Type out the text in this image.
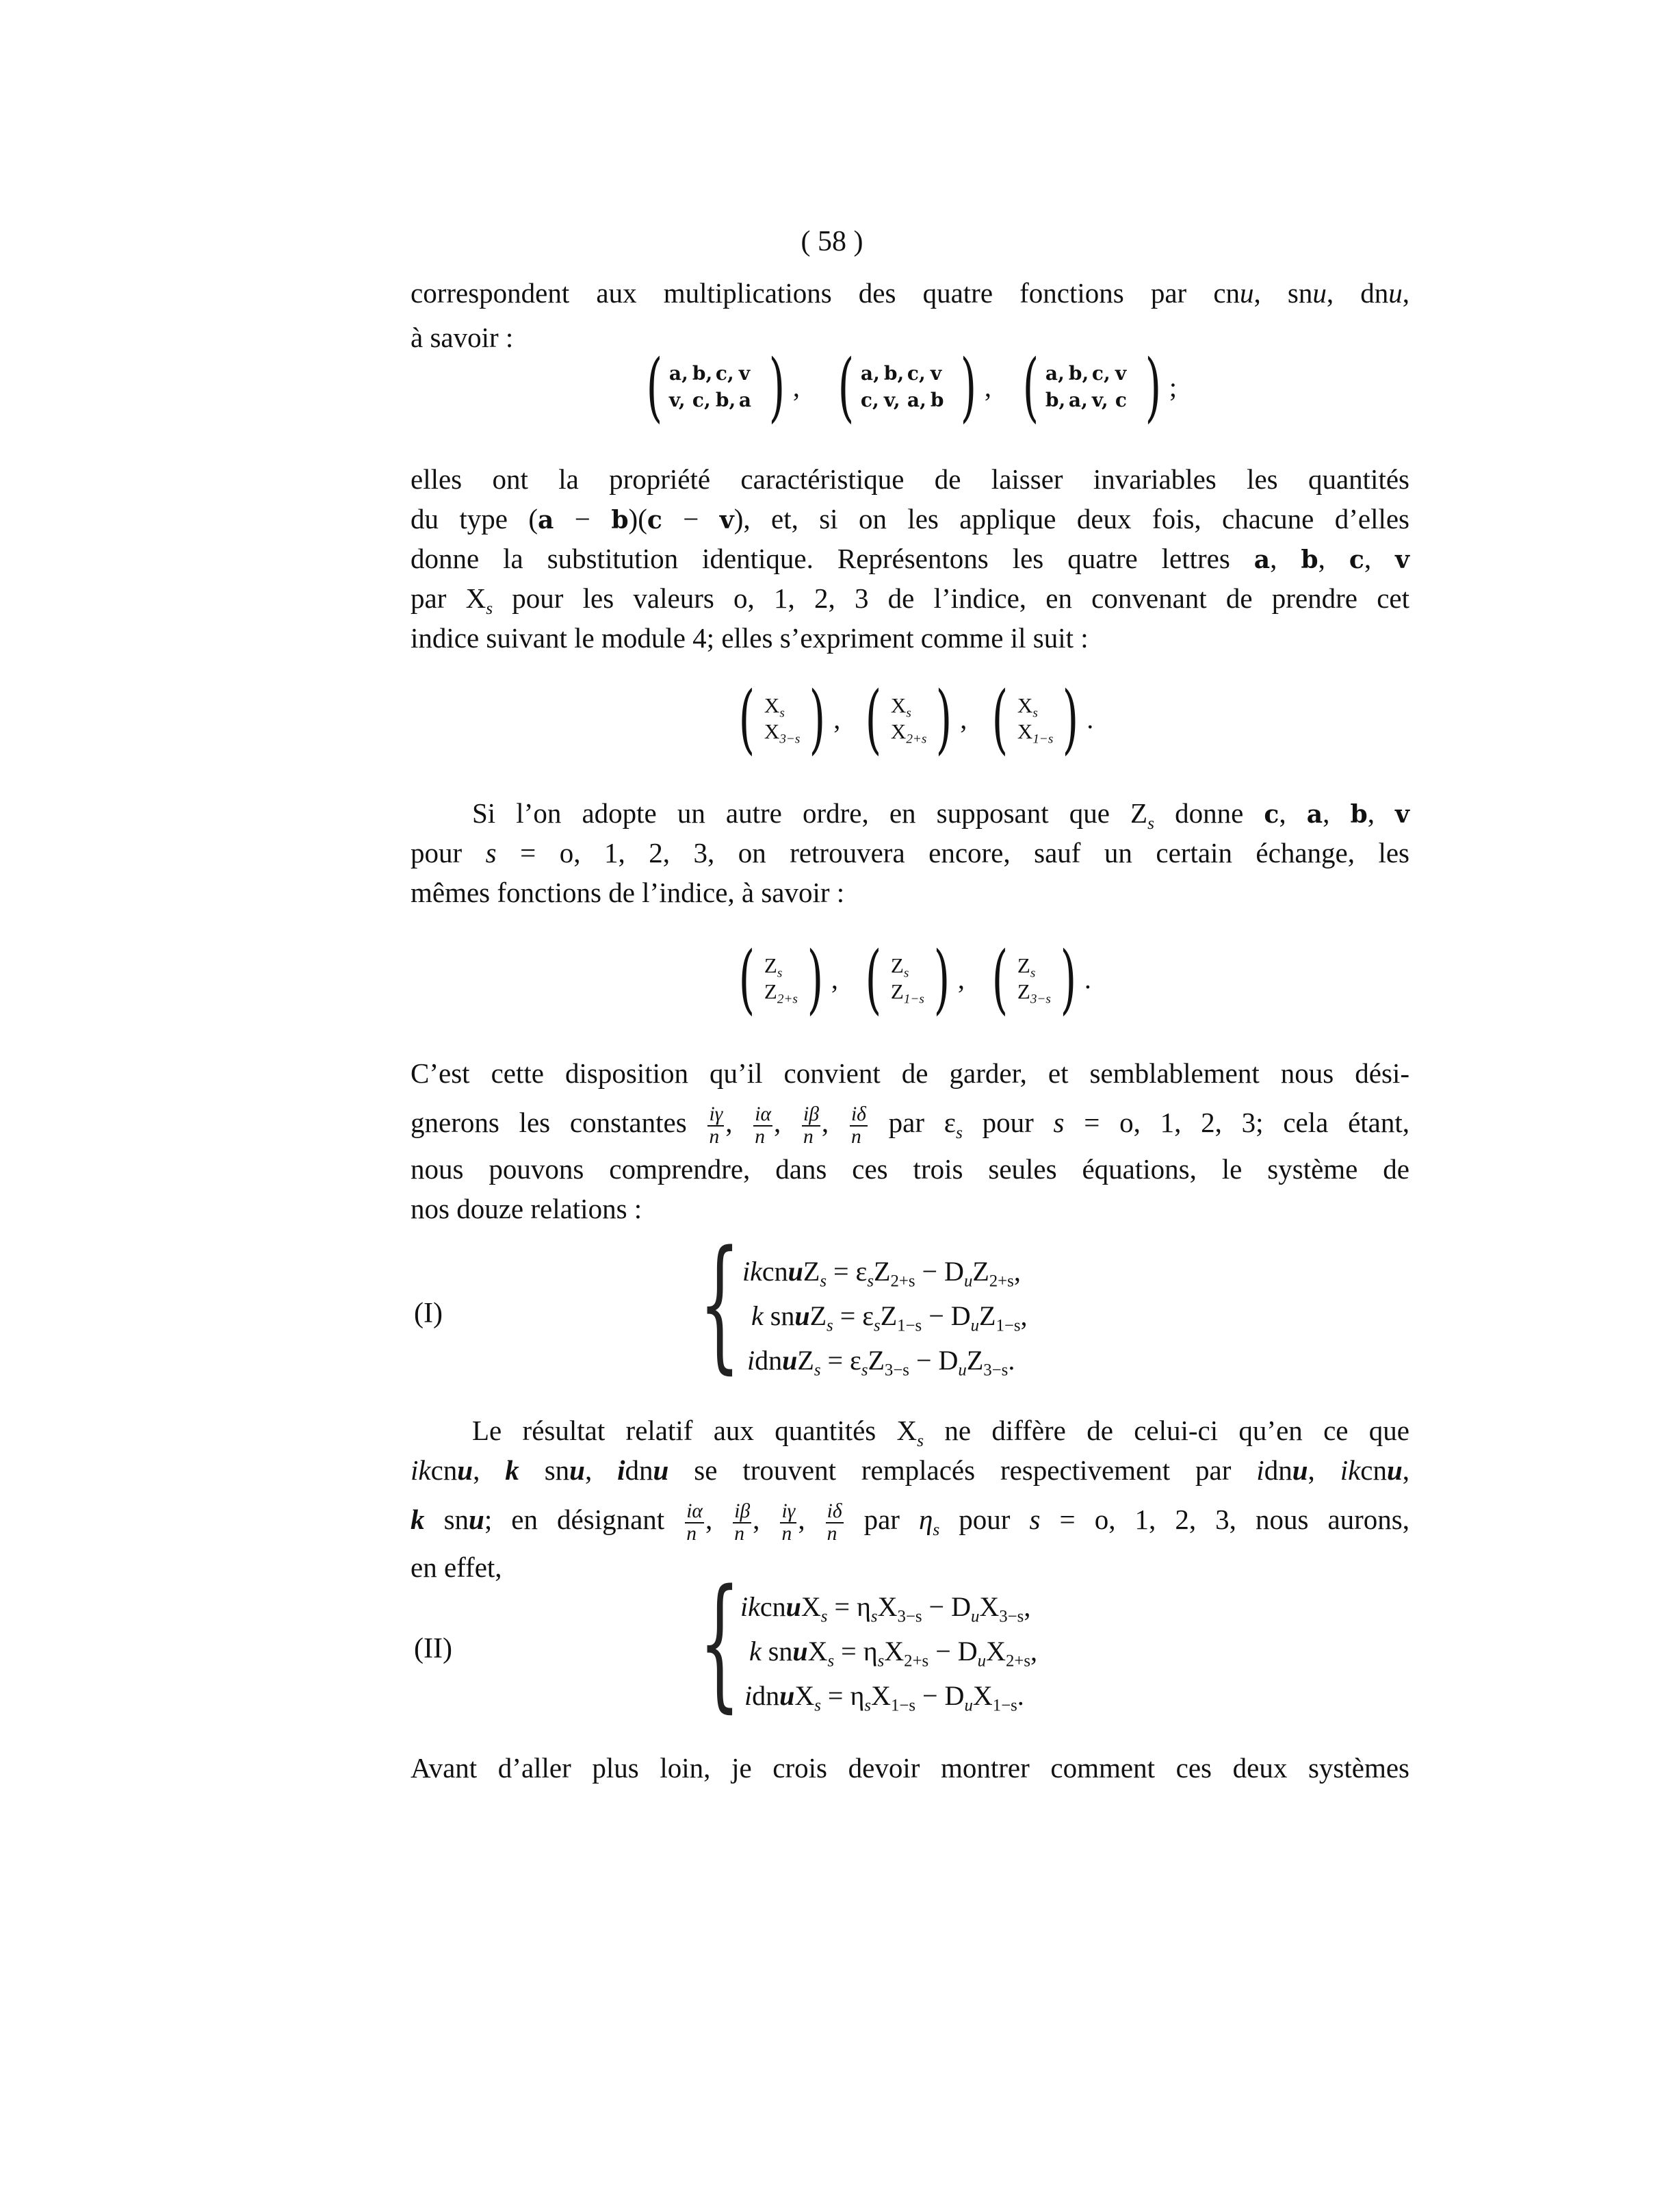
( 58 )
correspondent aux multiplications des quatre fonctions par cnu, snu, dnu,
à savoir :
( a, b, c, v
v, c, b, a ) , ( a, b, c, v
c, v, a, b ) , ( a, b, c, v
b, a, v, c ) ;
elles ont la propriété caractéristique de laisser invariables les quantités
du type (a − b)(c − v), et, si on les applique deux fois, chacune d’elles
donne la substitution identique. Représentons les quatre lettres a, b, c, v
par $X_s$ pour les valeurs o, 1, 2, 3 de l’indice, en convenant de prendre cet
indice suivant le module 4; elles s’expriment comme il suit :
( $X_s$
$X_{3-s}$ ) , ( $X_s$
$X_{2+s}$ ) , ( $X_s$
$X_{1-s}$ ) .
Si l’on adopte un autre ordre, en supposant que $Z_s$ donne c, a, b, v
pour s = o, 1, 2, 3, on retrouvera encore, sauf un certain échange, les
mêmes fonctions de l’indice, à savoir :
( $Z_s$
$Z_{2+s}$ ) , ( $Z_s$
$Z_{1-s}$ ) , ( $Z_s$
$Z_{3-s}$ ) .
C’est cette disposition qu’il convient de garder, et semblablement nous dési-
gnerons les constantes $\frac{i\gamma}{n}$ , $\frac{i\alpha}{n}$ , $\frac{i\beta}{n}$ , $\frac{i\delta}{n}$ par $\varepsilon_s$ pour s = o, 1, 2, 3; cela étant,
nous pouvons comprendre, dans ces trois seules équations, le système de
nos douze relations :
(I) { ikcnuZ$_s$ = $\varepsilon_sZ_{2+s} - D_uZ_{2+s}$,
k snuZ$_s$ = $\varepsilon_sZ_{1-s} - D_uZ_{1-s}$,
idnuZ$_s$ = $\varepsilon_sZ_{3-s} - D_uZ_{3-s}$.
Le résultat relatif aux quantités $X_s$ ne diffère de celui-ci qu’en ce que
ikcnu, k snu, idnu se trouvent remplacés respectivement par idnu, ikcnu,
k snu; en désignant $\frac{i\alpha}{n}$ , $\frac{i\beta}{n}$ , $\frac{i\gamma}{n}$ , $\frac{i\delta}{n}$ par $\eta_s$ pour s = o, 1, 2, 3, nous aurons,
en effet,
(II) { ikcnuX$_s$ = $\eta_sX_{3-s} - D_uX_{3-s}$,
k snuX$_s$ = $\eta_sX_{2+s} - D_uX_{2+s}$,
idnuX$_s$ = $\eta_sX_{1-s} - D_uX_{1-s}$.
Avant d’aller plus loin, je crois devoir montrer comment ces deux systèmes
